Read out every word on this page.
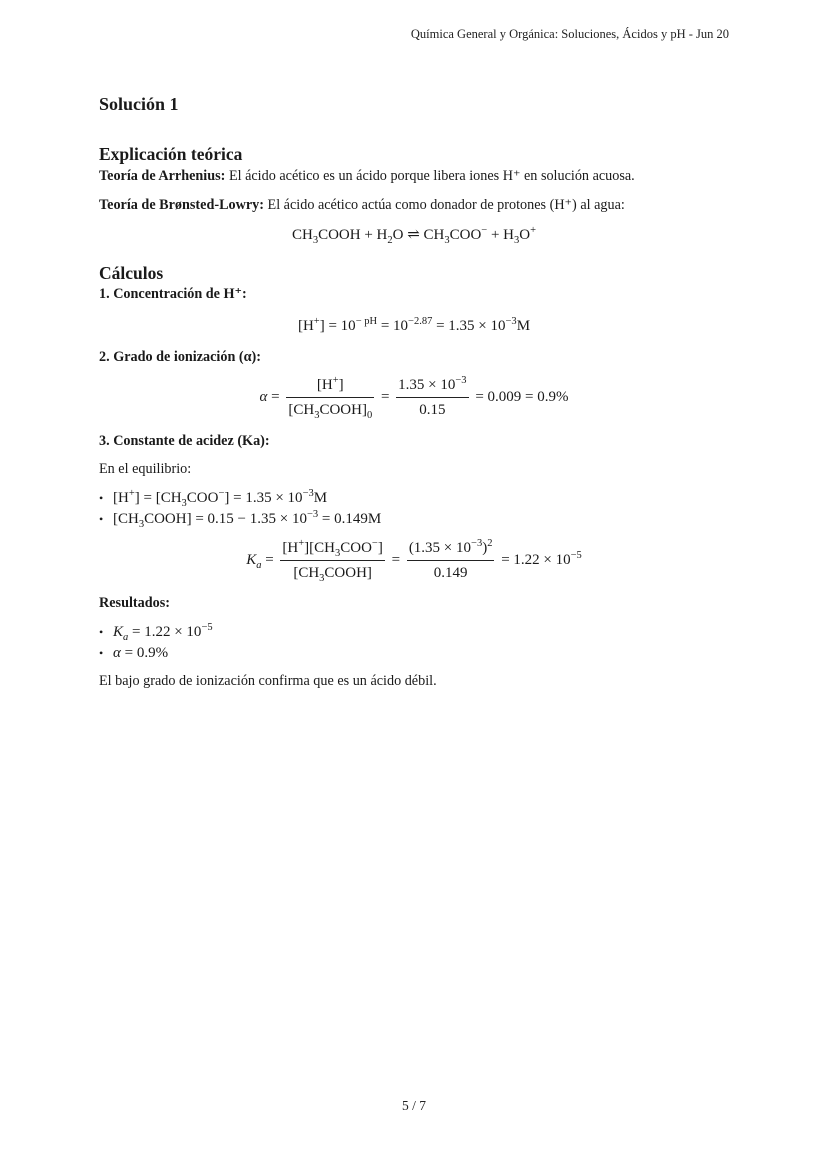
Química General y Orgánica: Soluciones, Ácidos y pH - Jun 20
Solución 1
Explicación teórica
Teoría de Arrhenius: El ácido acético es un ácido porque libera iones H⁺ en solución acuosa.
Teoría de Brønsted-Lowry: El ácido acético actúa como donador de protones (H⁺) al agua:
$CH_3COOH + H_2O$ ⇌ $CH_3COO^- + H_3O^+$
Cálculos
1. Concentración de H⁺:
$[H^+] = 10^{- pH} = 10^{-2.87} = 1.35 \times 10^{-3}M$
2. Grado de ionización (α):
$\alpha = \frac{[H^+]}{[CH_3COOH]_0} = \frac{1.35 \times 10^{-3}}{0.15} = 0.009 = 0.9\%$
3. Constante de acidez (Ka):
En el equilibrio:
• $[H^+] = [CH_3COO^-] = 1.35 \times 10^{-3}M$
• $[CH_3COOH] = 0.15 - 1.35 \times 10^{-3} = 0.149M$
$K_a = \frac{[H^+][CH_3COO^-]}{[CH_3COOH]} = \frac{(1.35 \times 10^{-3})^2}{0.149} = 1.22 \times 10^{-5}$
Resultados:
• $K_a = 1.22 \times 10^{-5}$
• α = 0.9%
El bajo grado de ionización confirma que es un ácido débil.
5 / 7
